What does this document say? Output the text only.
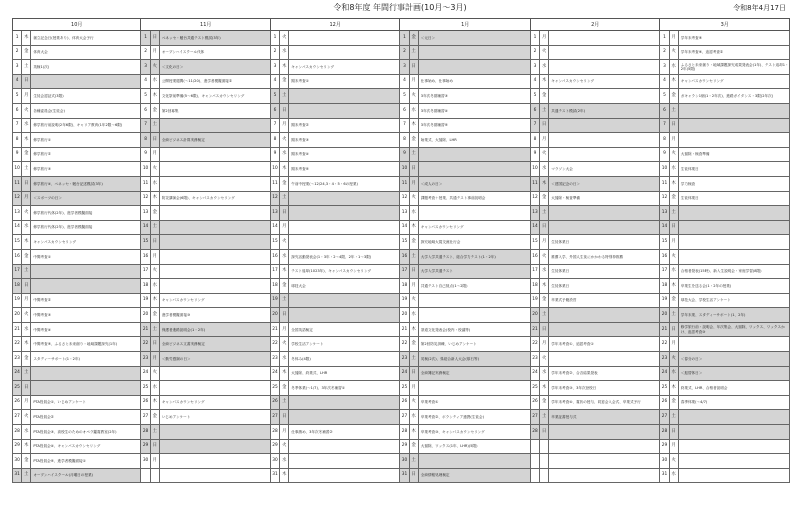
令和8年度 年間行事計画(10月～3月)	令和8年4月17日
10月			11月			12月			1月			2月			3月		
1	木	創立記念日(授業あり)、体育大会予行	1	日	ベネッセ・駿台共通テスト模試(3年)	1	火		1	金	＜元日＞	1	月		1	月	学年末考査⑤
2	金	体育大会	2	月	オープンハイスクール代休	2	水		2	土		2	火		2	火	学年末考査⑥、追認考査②
3	土	英検1(次)	3	火	＜文化の日＞	3	木	キャンパスカウンセリング	3	日		3	水		3	水	ふるさと未来創り・地域課題探究成果発表会(1年)、テスト返却1・2年(5限)
4	日		4	水	公開授業週間(～11/20)、進学者模擬面接②	4	金	期末考査①	4	月	仕事始め、仕事始め	4	木	キャンパスカウンセリング	4	木	キャンパスカウンセリング
5	月	生徒会認証式(3限)	5	木	文化祭前準備(5～6限)、キャンパスカウンセリング	5	土		5	火	3年次冬期補習③	5	金		5	金	ガキャラン1個(1・2年次)、進路ガイダンス・3限(2年次)
6	火	各種委員会(生徒会)	6	金	第2回募集	6	日		6	水	3年次冬期補習④	6	土	共通テスト模試(2年)	6	土	
7	水	修学旅行前説明(2年6限)、キャリア教育(1年2限～6限)	7	土		7	月	期末考査②	7	木	3年次冬期補習⑤	7	日		7	日	
8	木	修学旅行①	8	日	全商ビジネス計算実務検定	8	火	期末考査③	8	金	始業式、大掃除、LHR	8	月		8	月	
9	金	修学旅行②	9	月		9	水	期末考査④	9	土		9	火		9	火	大掃除・検査準備
10	土	修学旅行③	10	火		10	木	期末考査⑤	10	日		10	水	マラソン大会	10	水	生徒休業日
11	日	修学旅行④、ベネッセ・駿台記述模試(3年)	11	水		11	金	午前中授業(～12/24,3・4・5・6の授業)	11	月	＜成人の日＞	11	木	＜建国記念の日＞	11	木	学力検査
12	月	＜スポーツの日＞	12	木	防災講演会(6限)、キャンパスカウンセリング	12	土		12	火	課題考査＋授業、共通テスト事前説明会	12	金	大掃除・検査準備	12	金	生徒休業日
13	火	修学旅行代休(2年)、進学者模擬面接	13	金		13	日		13	水		13	土		13	土	
14	水	修学旅行代休(2年)、進学者模擬面接	14	土		14	月		14	木	キャンパスカウンセリング	14	日		14	日	
15	木	キャンパスカウンセリング	15	日		15	火		15	金	探究地域大賞交流壮行会	15	月	生徒休業日	15	月	
16	金	中間考査①	16	月		16	水	探究活動発表会(1・3年・2～4限、2年・1～3限)	16	土	大学入学共通テスト、総合学力テスト(1・2年)	16	火	推薦入学、外国人生徒にかかわる特別枠推薦	16	火	
17	土		17	火		17	木	テスト返却(1023年)、キャンパスカウンセリング	17	日	大学入学共通テスト	17	水	生徒休業日	17	水	合格者発表(15時)、新入生説明会・家庭学習(8限)
18	日		18	水		18	金	球技大会	18	月	共通テスト自己採点(1～2限)	18	木	生徒休業日	18	木	卒業生を送る会(1・2年の授業)
19	月	中間考査②	19	木	キャンパスカウンセリング	19	土		19	火		19	金	卒業式予餞設営	19	金	球技大会、学校生活アンケート
20	火	中間考査③	20	金	進学者模擬面接③	20	日		20	水		20	土		20	土	学年末業、スタディーサポート(1、2年)
21	水	中間考査④	21	土	保護者進路説明会(1・2年)	21	月	全国英語検定	21	木	茶道文化発表会(校内・校議等)	21	日		21	日	修学旅行前・説明会、年次集会、大掃除、ワックス、ワックスかけ、追認考査③
22	木	中間考査⑤、ふるさと未来創り・地域課題探究(1年)	22	日	全商ビジネス文書実務検定	22	火	学校生活アンケート	22	金	第2回防災訓練、いじめアンケート	22	月	学年末考査①、追認考査①	22	月	
23	金	スタディーサポート(1・2年)	23	月	＜勤労感謝の日＞	23	水	冬休み(4限)	23	土	英検(2次)、県総合新人大会(県石等)	23	火		23	火	＜春分の日＞
24	土		24	火		24	木	大掃除、終業式、LHR	24	日	全商簿記実務検定	24	水	学年末考査②、合否結果発表	24	水	＜振替休日＞
25	日		25	水		25	金	冬季休業(～1/7)、3年次冬補習①	25	月		25	木	学年末考査③、3年次登校日	25	木	終業式、LHR、合格者説明会
26	月	PTA役員会①、いじめアンケート	26	木	キャンパスカウンセリング	26	土		26	火	卒業考査①	26	金	学年末考査④、賞状の授与、同窓会入会式、卒業式予行	26	金	春季休業(～4/7)
27	火	PTA役員会②	27	金	いじめアンケート	27	日		27	水	卒業考査②、ボランティア連携(生徒会)	27	土	卒業証書授与式	27	土	
28	水	PTA役員会③、高校生のためのオペラ鑑賞教室(2年)	28	土		28	月	仕事納め、3年次冬補習②	28	木	卒業考査③、キャンパスカウンセリング	28	日		28	日	
29	木	PTA役員会④、キャンパスカウンセリング	29	日		29	火		29	金	大掃除、ワックス(1年、LHR)(5限)				29	月	
30	金	PTA役員会⑤、進学者模擬面接①	30	月		30	水		30	土					30	火	
31	土	オープンハイスクール(月曜日の授業)				31	木		31	日	全商情報処理検定				31	水	
